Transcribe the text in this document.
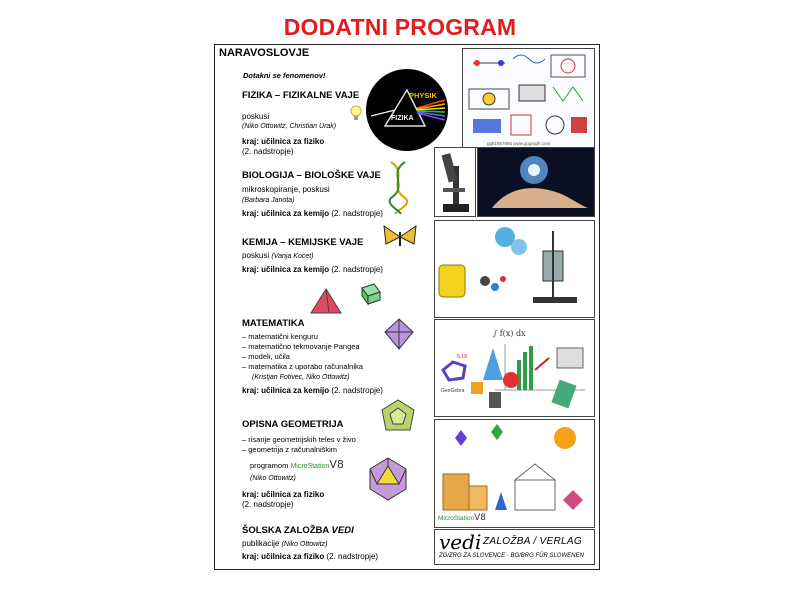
DODATNI PROGRAM
NARAVOSLOVJE
Dotakni se fenomenov!
FIZIKA – FIZIKALNE VAJE
poskusi
(Niko Ottowitz, Christian Urak)
kraj: učilnica za fiziko
(2. nadstropje)
PHYSIK
FIZIKA
gg61957065 www.gograph.com
BIOLOGIJA – BIOLOŠKE VAJE
mikroskopiranje, poskusi
(Barbara Janota)
kraj: učilnica za kemijo (2. nadstropje)
KEMIJA – KEMIJSKE VAJE
poskusi (Vanja Kocet)
kraj: učilnica za kemijo (2. nadstropje)
MATEMATIKA
– matematični kenguru
– matematično tekmovanje Pangea
– modeli, učila
– matematika z uporabo računalnika
(Kristjan Fotivec, Niko Ottowitz)
kraj: učilnica za kemijo (2. nadstropje)
∫ f(x) dx
GeoGebra
6,19
OPISNA GEOMETRIJA
– risanje geometrijskih teles v živo
– geometrija z računalniškim
programom MicroStationV8
(Niko Ottowitz)
kraj: učilnica za fiziko
(2. nadstropje)
MicroStationV8
ŠOLSKA ZALOŽBA VEDI
publikacije (Niko Ottowitz)
kraj: učilnica za fiziko (2. nadstropje)
vedi ZALOŽBA / VERLAG
ZG/ZRG ZA SLOVENCE · BG/BRG FÜR SLOWENEN
